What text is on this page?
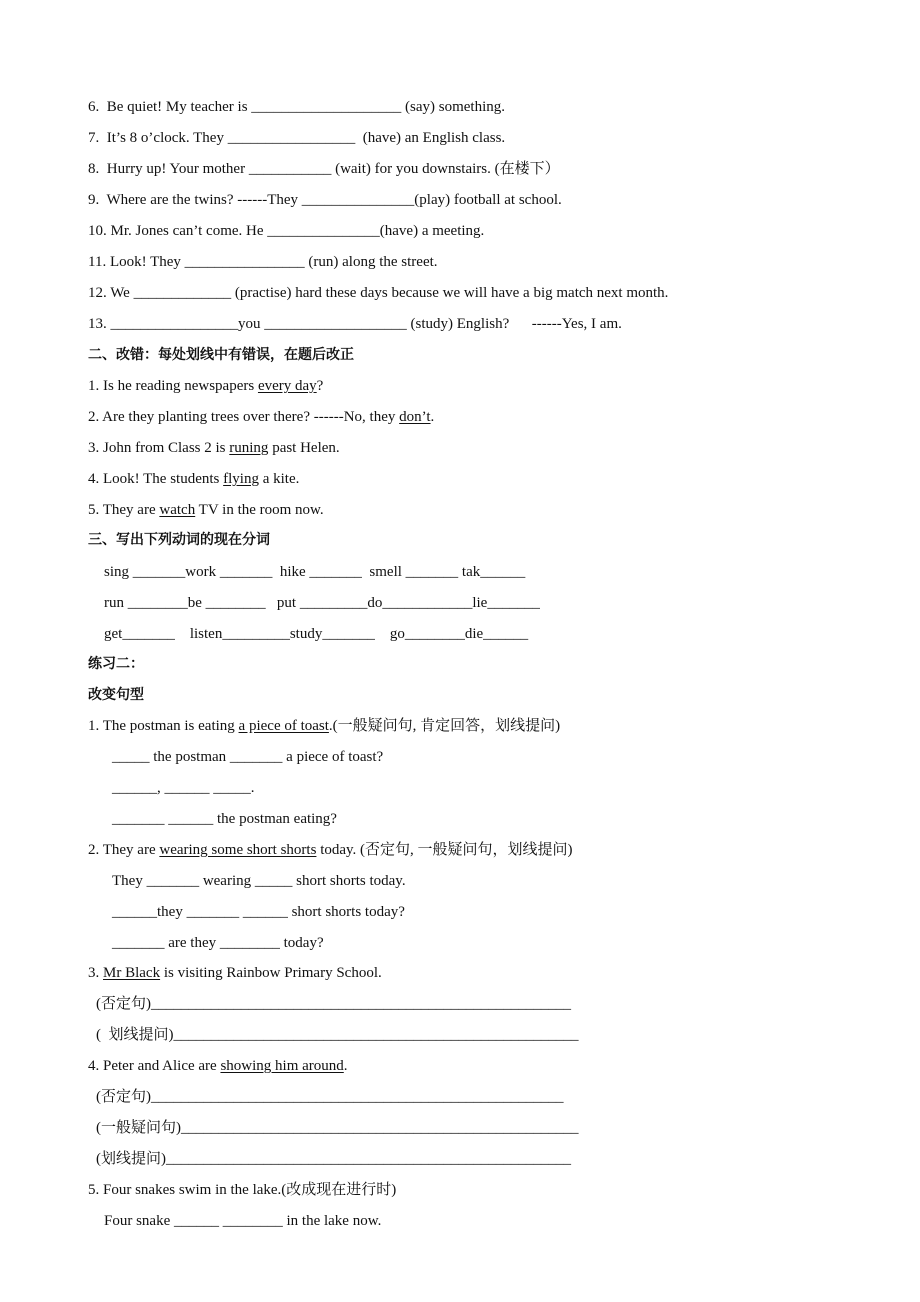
6.  Be quiet! My teacher is ____________________ (say) something.
7.  It’s 8 o’clock. They _________________  (have) an English class.
8.  Hurry up! Your mother ___________ (wait) for you downstairs. (在楼下）
9.  Where are the twins? ------They _______________(play) football at school.
10. Mr. Jones can’t come. He _______________(have) a meeting.
11. Look! They ________________ (run) along the street.
12. We _____________ (practise) hard these days because we will have a big match next month.
13. _________________you ___________________ (study) English?      ------Yes, I am.
二、改错：每处划线中有错误，在题后改正
1. Is he reading newspapers every day?
2. Are they planting trees over there? ------No, they don’t.
3. John from Class 2 is runing past Helen.
4. Look! The students flying a kite.
5. They are watch TV in the room now.
三、写出下列动词的现在分词
sing _______work _______  hike _______  smell _______ tak______
run ________be ________   put _________do____________lie_______
get_______    listen_________study_______    go________die______
练习二：
改变句型
1. The postman is eating a piece of toast.(一般疑问句, 肯定回答，划线提问)
_____ the postman _______ a piece of toast?
______, ______ _____.
_______ ______ the postman eating?
2. They are wearing some short shorts today. (否定句, 一般疑问句，划线提问)
They _______ wearing _____ short shorts today.
______they _______ ______ short shorts today?
_______ are they ________ today?
3. Mr Black is visiting Rainbow Primary School.
(否定句)________________________________________________________
(  划线提问)______________________________________________________
4. Peter and Alice are showing him around.
(否定句)_______________________________________________________
(一般疑问句)_____________________________________________________
(划线提问)______________________________________________________
5. Four snakes swim in the lake.(改成现在进行时)
Four snake ______ ________ in the lake now.
